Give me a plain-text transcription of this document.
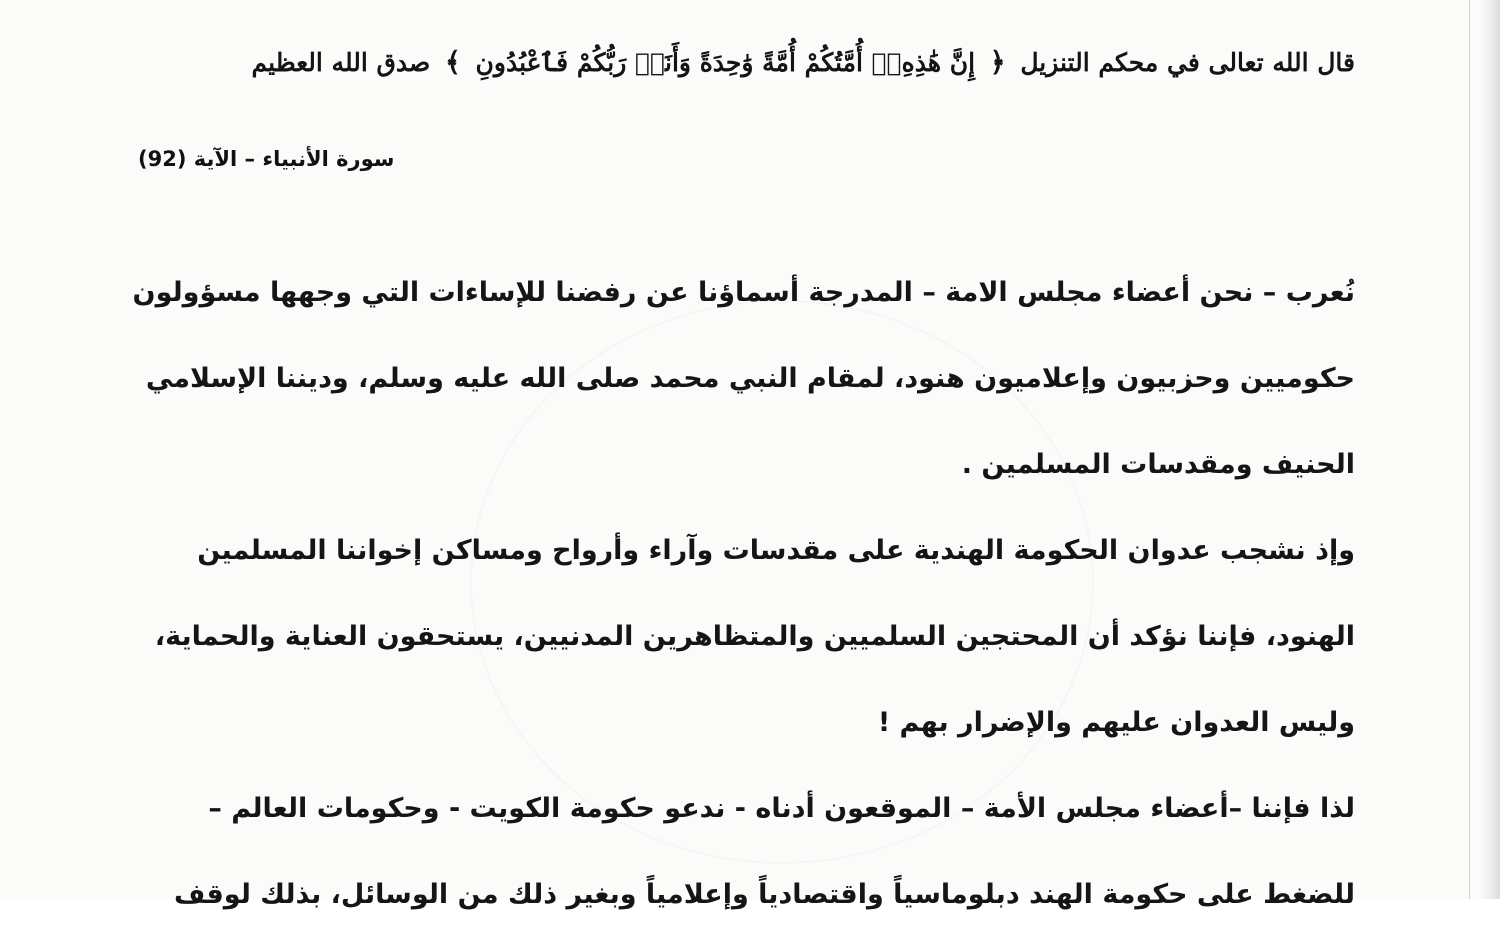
قال الله تعالى في محكم التنزيل ﴿ إِنَّ هَٰذِهِۦٓ أُمَّتُكُمْ أُمَّةً وَٰحِدَةً وَأَنَا۠ رَبُّكُمْ فَٱعْبُدُونِ ﴾ صدق الله العظيم
سورة الأنبياء – الآية (92)
نُعرب – نحن أعضاء مجلس الامة – المدرجة أسماؤنا عن رفضنا للإساءات التي وجهها مسؤولون
حكوميين وحزبيون وإعلاميون هنود، لمقام النبي محمد صلى الله عليه وسلم، وديننا الإسلامي
الحنيف ومقدسات المسلمين .
وإذ نشجب عدوان الحكومة الهندية على مقدسات وآراء وأرواح ومساكن إخواننا المسلمين
الهنود، فإننا نؤكد أن المحتجين السلميين والمتظاهرين المدنيين، يستحقون العناية والحماية،
وليس العدوان عليهم والإضرار بهم !
لذا فإننا –أعضاء مجلس الأمة – الموقعون أدناه - ندعو حكومة الكويت - وحكومات العالم –
للضغط على حكومة الهند دبلوماسياً واقتصادياً وإعلامياً وبغير ذلك من الوسائل، بذلك لوقف
